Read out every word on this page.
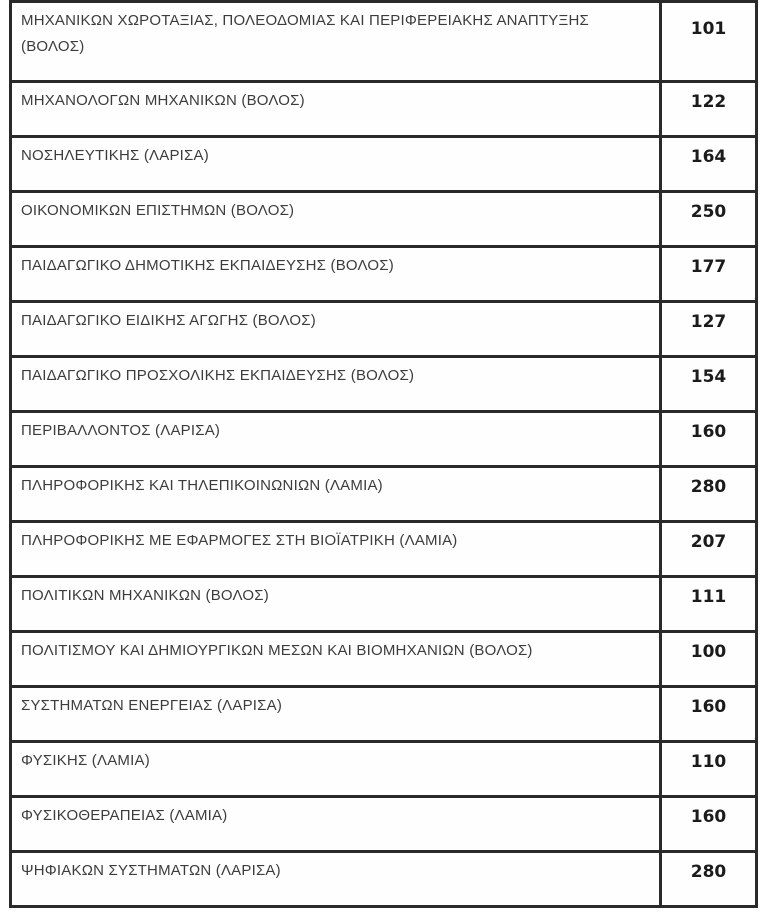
ΜΗΧΑΝΙΚΩΝ ΧΩΡΟΤΑΞΙΑΣ, ΠΟΛΕΟΔΟΜΙΑΣ ΚΑΙ ΠΕΡΙΦΕΡΕΙΑΚΗΣ ΑΝΑΠΤΥΞΗΣ (ΒΟΛΟΣ)	101
ΜΗΧΑΝΟΛΟΓΩΝ ΜΗΧΑΝΙΚΩΝ (ΒΟΛΟΣ)	122
ΝΟΣΗΛΕΥΤΙΚΗΣ (ΛΑΡΙΣΑ)	164
ΟΙΚΟΝΟΜΙΚΩΝ ΕΠΙΣΤΗΜΩΝ (ΒΟΛΟΣ)	250
ΠΑΙΔΑΓΩΓΙΚΟ ΔΗΜΟΤΙΚΗΣ ΕΚΠΑΙΔΕΥΣΗΣ (ΒΟΛΟΣ)	177
ΠΑΙΔΑΓΩΓΙΚΟ ΕΙΔΙΚΗΣ ΑΓΩΓΗΣ (ΒΟΛΟΣ)	127
ΠΑΙΔΑΓΩΓΙΚΟ ΠΡΟΣΧΟΛΙΚΗΣ ΕΚΠΑΙΔΕΥΣΗΣ (ΒΟΛΟΣ)	154
ΠΕΡΙΒΑΛΛΟΝΤΟΣ (ΛΑΡΙΣΑ)	160
ΠΛΗΡΟΦΟΡΙΚΗΣ ΚΑΙ ΤΗΛΕΠΙΚΟΙΝΩΝΙΩΝ (ΛΑΜΙΑ)	280
ΠΛΗΡΟΦΟΡΙΚΗΣ ΜΕ ΕΦΑΡΜΟΓΕΣ ΣΤΗ ΒΙΟΪΑΤΡΙΚΗ (ΛΑΜΙΑ)	207
ΠΟΛΙΤΙΚΩΝ ΜΗΧΑΝΙΚΩΝ (ΒΟΛΟΣ)	111
ΠΟΛΙΤΙΣΜΟΥ ΚΑΙ ΔΗΜΙΟΥΡΓΙΚΩΝ ΜΕΣΩΝ ΚΑΙ ΒΙΟΜΗΧΑΝΙΩΝ (ΒΟΛΟΣ)	100
ΣΥΣΤΗΜΑΤΩΝ ΕΝΕΡΓΕΙΑΣ (ΛΑΡΙΣΑ)	160
ΦΥΣΙΚΗΣ (ΛΑΜΙΑ)	110
ΦΥΣΙΚΟΘΕΡΑΠΕΙΑΣ (ΛΑΜΙΑ)	160
ΨΗΦΙΑΚΩΝ ΣΥΣΤΗΜΑΤΩΝ (ΛΑΡΙΣΑ)	280
